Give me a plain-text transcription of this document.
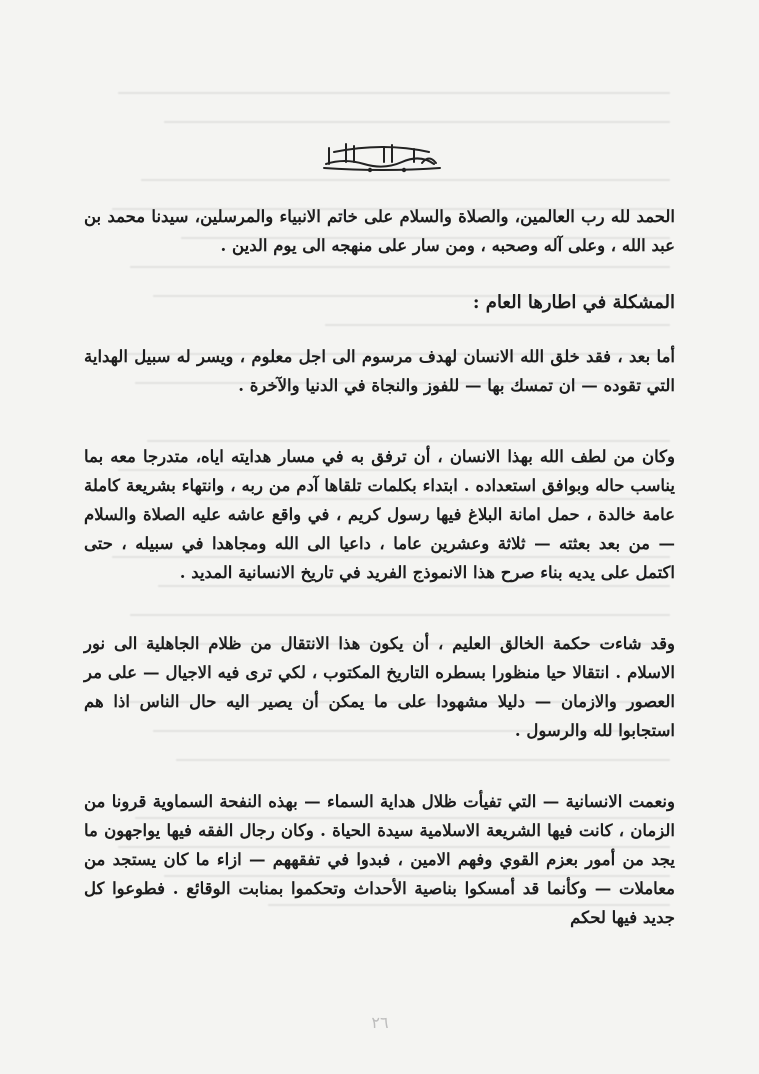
بسم الله الرحمن الرحيم

الحمد لله رب العالمين، والصلاة والسلام على خاتم الانبياء والمرسلين، سيدنا محمد بن عبد الله ، وعلى آله وصحبه ، ومن سار على منهجه الى يوم الدين .

المشكلة في اطارها العام :

أما بعد ، فقد خلق الله الانسان لهدف مرسوم الى اجل معلوم ، ويسر له سبيل الهداية التي تقوده — ان تمسك بها — للفوز والنجاة في الدنيا والآخرة .

وكان من لطف الله بهذا الانسان ، أن ترفق به في مسار هدايته اياه، متدرجا معه بما يناسب حاله وبوافق استعداده . ابتداء بكلمات تلقاها آدم من ربه ، وانتهاء بشريعة كاملة عامة خالدة ، حمل امانة البلاغ فيها رسول كريم ، في واقع عاشه عليه الصلاة والسلام — من بعد بعثته — ثلاثة وعشرين عاما ، داعيا الى الله ومجاهدا في سبيله ، حتى اكتمل على يديه بناء صرح هذا الانموذج الفريد في تاريخ الانسانية المديد .

وقد شاءت حكمة الخالق العليم ، أن يكون هذا الانتقال من ظلام الجاهلية الى نور الاسلام . انتقالا حيا منظورا بسطره التاريخ المكتوب ، لكي ترى فيه الاجيال — على مر العصور والازمان — دليلا مشهودا على ما يمكن أن يصير اليه حال الناس اذا هم استجابوا لله والرسول .

ونعمت الانسانية — التي تفيأت ظلال هداية السماء — بهذه النفحة السماوية قرونا من الزمان ، كانت فيها الشريعة الاسلامية سيدة الحياة . وكان رجال الفقه فيها يواجهون ما يجد من أمور بعزم القوي وفهم الامين ، فبدوا في تفقههم — ازاء ما كان يستجد من معاملات — وكأنما قد أمسكوا بناصية الأحداث وتحكموا بمنابت الوقائع . فطوعوا كل جديد فيها لحكم

٢٦
